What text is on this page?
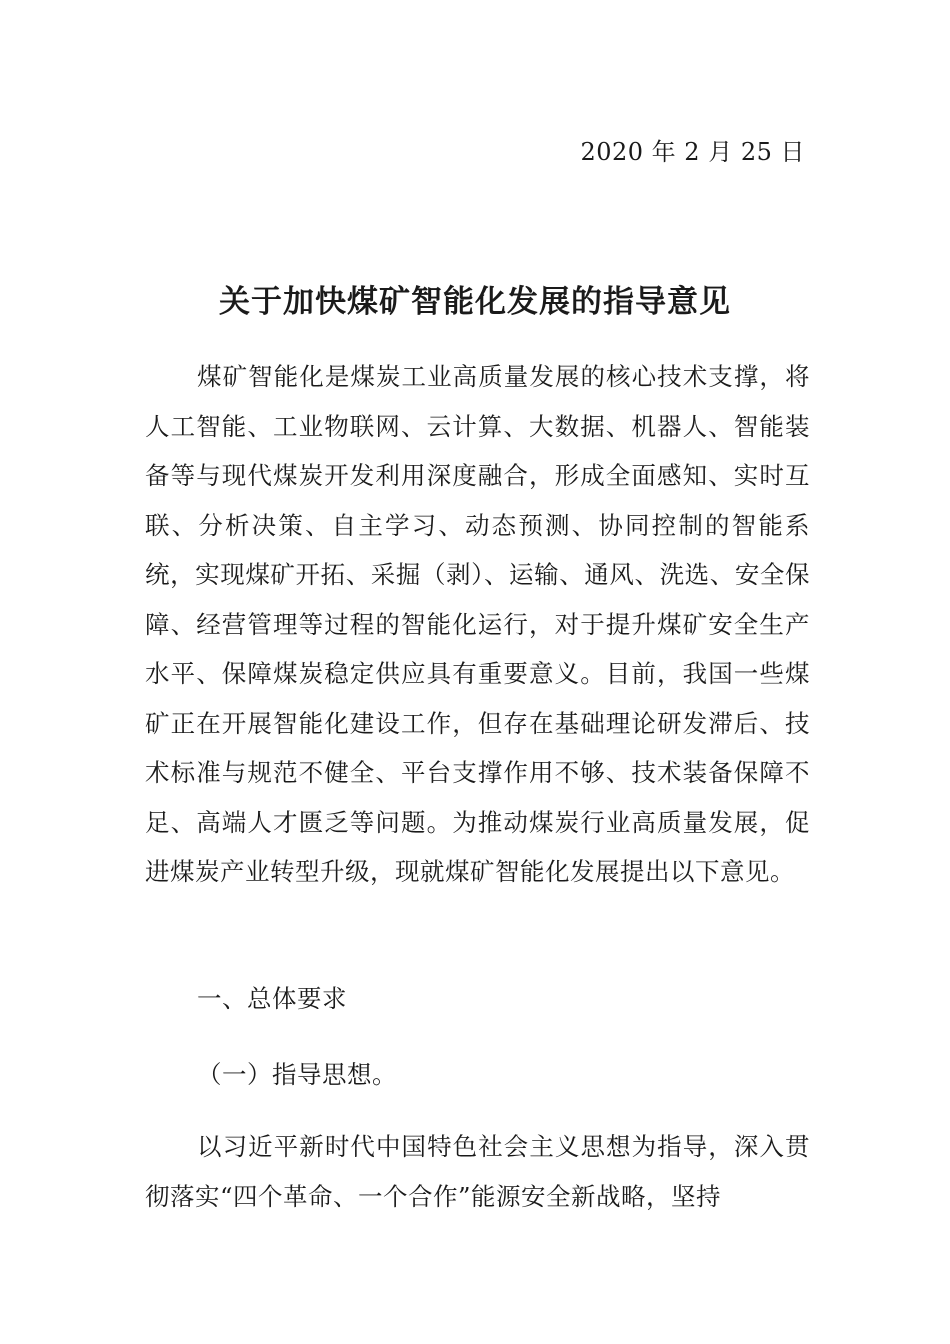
2020 年 2 月 25 日
关于加快煤矿智能化发展的指导意见

煤矿智能化是煤炭工业高质量发展的核心技术支撑，将人工智能、工业物联网、云计算、大数据、机器人、智能装备等与现代煤炭开发利用深度融合，形成全面感知、实时互联、分析决策、自主学习、动态预测、协同控制的智能系统，实现煤矿开拓、采掘（剥）、运输、通风、洗选、安全保障、经营管理等过程的智能化运行，对于提升煤矿安全生产水平、保障煤炭稳定供应具有重要意义。目前，我国一些煤矿正在开展智能化建设工作，但存在基础理论研发滞后、技术标准与规范不健全、平台支撑作用不够、技术装备保障不足、高端人才匮乏等问题。为推动煤炭行业高质量发展，促进煤炭产业转型升级，现就煤矿智能化发展提出以下意见。

一、总体要求

（一）指导思想。

以习近平新时代中国特色社会主义思想为指导，深入贯彻落实“四个革命、一个合作”能源安全新战略，坚持
